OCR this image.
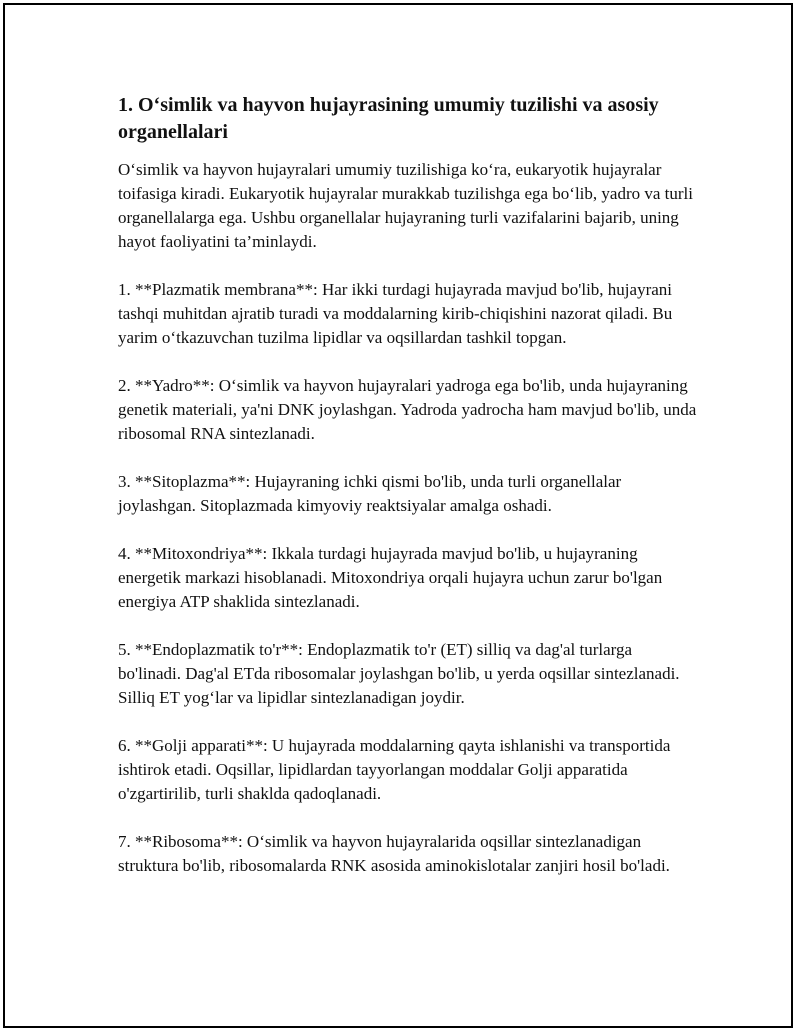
1. O‘simlik va hayvon hujayrasining umumiy tuzilishi va asosiy organellalari

O‘simlik va hayvon hujayralari umumiy tuzilishiga ko‘ra, eukaryotik hujayralar toifasiga kiradi. Eukaryotik hujayralar murakkab tuzilishga ega bo‘lib, yadro va turli organellalarga ega. Ushbu organellalar hujayraning turli vazifalarini bajarib, uning hayot faoliyatini ta’minlaydi.

1. **Plazmatik membrana**: Har ikki turdagi hujayrada mavjud bo'lib, hujayrani tashqi muhitdan ajratib turadi va moddalarning kirib-chiqishini nazorat qiladi. Bu yarim o‘tkazuvchan tuzilma lipidlar va oqsillardan tashkil topgan.

2. **Yadro**: O‘simlik va hayvon hujayralari yadroga ega bo'lib, unda hujayraning genetik materiali, ya'ni DNK joylashgan. Yadroda yadrocha ham mavjud bo'lib, unda ribosomal RNA sintezlanadi.

3. **Sitoplazma**: Hujayraning ichki qismi bo'lib, unda turli organellalar joylashgan. Sitoplazmada kimyoviy reaktsiyalar amalga oshadi.

4. **Mitoxondriya**: Ikkala turdagi hujayrada mavjud bo'lib, u hujayraning energetik markazi hisoblanadi. Mitoxondriya orqali hujayra uchun zarur bo'lgan energiya ATP shaklida sintezlanadi.

5. **Endoplazmatik to'r**: Endoplazmatik to'r (ET) silliq va dag'al turlarga bo'linadi. Dag'al ETda ribosomalar joylashgan bo'lib, u yerda oqsillar sintezlanadi. Silliq ET yog‘lar va lipidlar sintezlanadigan joydir.

6. **Golji apparati**: U hujayrada moddalarning qayta ishlanishi va transportida ishtirok etadi. Oqsillar, lipidlardan tayyorlangan moddalar Golji apparatida o'zgartirilib, turli shaklda qadoqlanadi.

7. **Ribosoma**: O‘simlik va hayvon hujayralarida oqsillar sintezlanadigan struktura bo'lib, ribosomalarda RNK asosida aminokislotalar zanjiri hosil bo'ladi.
